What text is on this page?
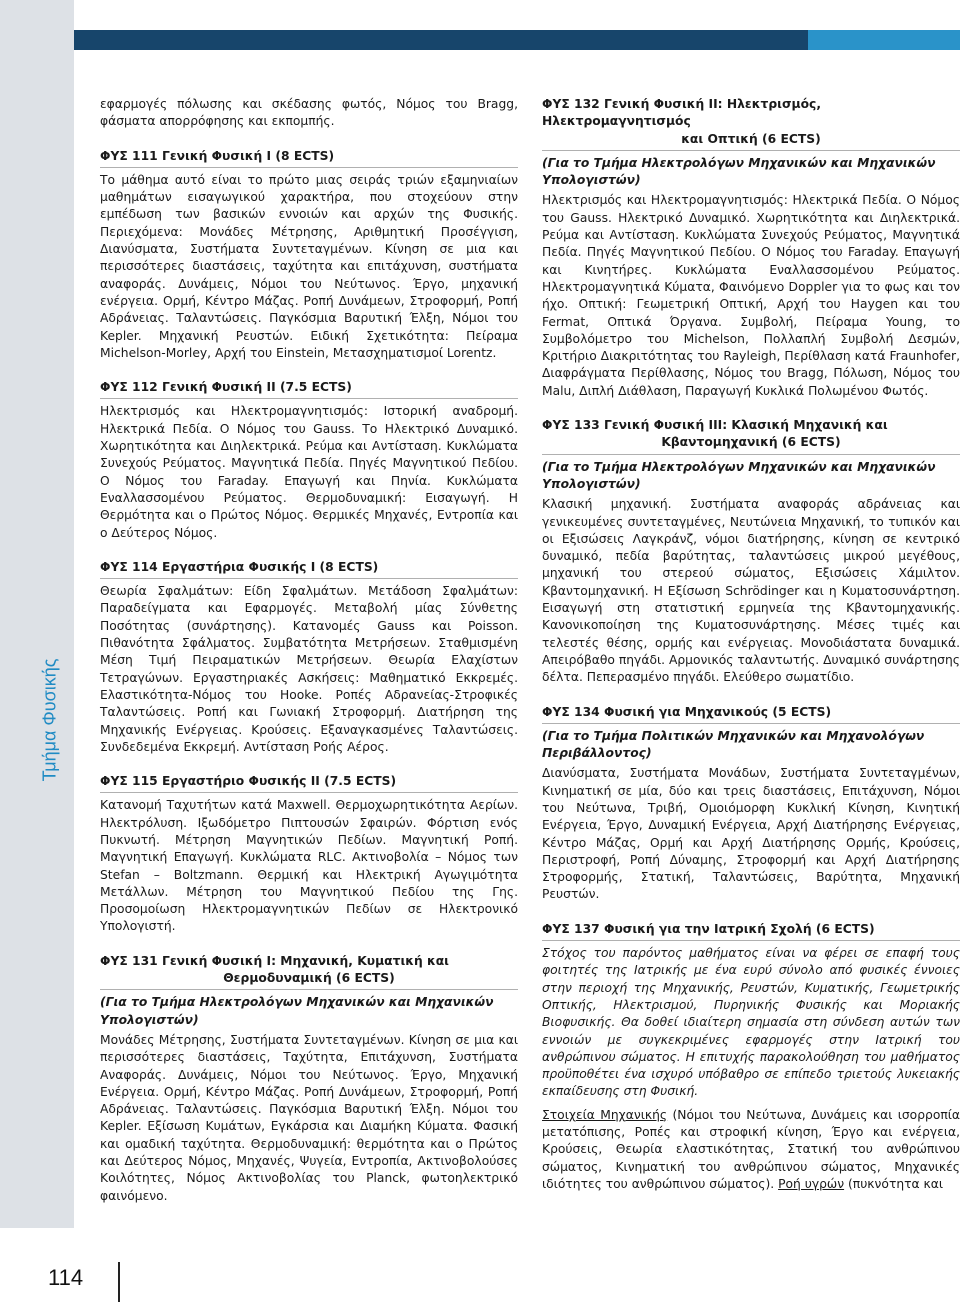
Τμήμα Φυσικής

εφαρμογές πόλωσης και σκέδασης φωτός, Νόμος του Bragg, φάσματα απορρόφησης και εκπομπής.

ΦΥΣ 111 Γενική Φυσική Ι (8 ECTS)

Το μάθημα αυτό είναι το πρώτο μιας σειράς τριών εξαμηνιαίων μαθημάτων εισαγωγικού χαρακτήρα, που στοχεύουν στην εμπέδωση των βασικών εννοιών και αρχών της Φυσικής. Περιεχόμενα: Μονάδες Μέτρησης, Αριθμητική Προσέγγιση, Διανύσματα, Συστήματα Συντεταγμένων. Κίνηση σε μια και περισσότερες διαστάσεις, ταχύτητα και επιτάχυνση, συστήματα αναφοράς. Δυνάμεις, Νόμοι του Νεύτωνος. Έργο, μηχανική ενέργεια. Ορμή, Κέντρο Μάζας. Ροπή Δυνάμεων, Στροφορμή, Ροπή Αδράνειας. Ταλαντώσεις. Παγκόσμια Βαρυτική Έλξη, Νόμοι του Kepler. Μηχανική Ρευστών. Ειδική Σχετικότητα: Πείραμα Michelson-Morley, Αρχή του Einstein, Μετασχηματισμοί Lorentz.

ΦΥΣ 112 Γενική Φυσική ΙΙ (7.5 ECTS)

Ηλεκτρισμός και Ηλεκτρομαγνητισμός: Ιστορική αναδρομή. Ηλεκτρικά Πεδία. Ο Νόμος του Gauss. Το Ηλεκτρικό Δυναμικό. Χωρητικότητα και Διηλεκτρικά. Ρεύμα και Αντίσταση. Κυκλώματα Συνεχούς Ρεύματος. Μαγνητικά Πεδία. Πηγές Μαγνητικού Πεδίου. Ο Νόμος του Faraday. Επαγωγή και Πηνία. Κυκλώματα Εναλλασσομένου Ρεύματος. Θερμοδυναμική: Εισαγωγή. Η Θερμότητα και ο Πρώτος Νόμος. Θερμικές Μηχανές, Εντροπία και ο Δεύτερος Νόμος.

ΦΥΣ 114 Εργαστήρια Φυσικής Ι (8 ECTS)

Θεωρία Σφαλμάτων: Είδη Σφαλμάτων. Μετάδοση Σφαλμάτων: Παραδείγματα και Εφαρμογές. Μεταβολή μίας Σύνθετης Ποσότητας (συνάρτησης). Κατανομές Gauss και Poisson. Πιθανότητα Σφάλματος. Συμβατότητα Μετρήσεων. Σταθμισμένη Μέση Τιμή Πειραματικών Μετρήσεων. Θεωρία Ελαχίστων Τετραγώνων. Εργαστηριακές Ασκήσεις: Μαθηματικό Εκκρεμές. Ελαστικότητα-Νόμος του Hooke. Ροπές Αδρανείας-Στροφικές Ταλαντώσεις. Ροπή και Γωνιακή Στροφορμή. Διατήρηση της Μηχανικής Ενέργειας. Κρούσεις. Εξαναγκασμένες Ταλαντώσεις. Συνδεδεμένα Εκκρεμή. Αντίσταση Ροής Αέρος.

ΦΥΣ 115 Εργαστήριο Φυσικής ΙΙ (7.5 ECTS)

Κατανομή Ταχυτήτων κατά Maxwell. Θερμοχωρητικότητα Αερίων. Ηλεκτρόλυση. Ιξωδόμετρο Πιπτουσών Σφαιρών. Φόρτιση ενός Πυκνωτή. Μέτρηση Μαγνητικών Πεδίων. Μαγνητική Ροπή. Μαγνητική Επαγωγή. Κυκλώματα RLC. Ακτινοβολία – Νόμος των Stefan – Boltzmann. Θερμική και Ηλεκτρική Αγωγιμότητα Μετάλλων. Μέτρηση του Μαγνητικού Πεδίου της Γης. Προσομοίωση Ηλεκτρομαγνητικών Πεδίων σε Ηλεκτρονικό Υπολογιστή.

ΦΥΣ 131 Γενική Φυσική Ι: Μηχανική, Κυματική και
Θερμοδυναμική (6 ECTS)

(Για το Τμήμα Ηλεκτρολόγων Μηχανικών και Μηχανικών Υπολογιστών)

Μονάδες Μέτρησης, Συστήματα Συντεταγμένων. Κίνηση σε μια και περισσότερες διαστάσεις, Ταχύτητα, Επιτάχυνση, Συστήματα Αναφοράς. Δυνάμεις, Νόμοι του Νεύτωνος. Έργο, Μηχανική Ενέργεια. Ορμή, Κέντρο Μάζας. Ροπή Δυνάμεων, Στροφορμή, Ροπή Αδράνειας. Ταλαντώσεις. Παγκόσμια Βαρυτική Έλξη. Νόμοι του Kepler. Εξίσωση Κυμάτων, Εγκάρσια και Διαμήκη Κύματα. Φασική και ομαδική ταχύτητα. Θερμοδυναμική: θερμότητα και ο Πρώτος και Δεύτερος Νόμος, Μηχανές, Ψυγεία, Εντροπία, Ακτινοβολούσες Κοιλότητες, Νόμος Ακτινοβολίας του Planck, φωτοηλεκτρικό φαινόμενο.

ΦΥΣ 132 Γενική Φυσική ΙΙ: Ηλεκτρισμός, Ηλεκτρομαγνητισμός
και Οπτική (6 ECTS)

(Για το Τμήμα Ηλεκτρολόγων Μηχανικών και Μηχανικών Υπολογιστών)

Ηλεκτρισμός και Ηλεκτρομαγνητισμός: Ηλεκτρικά Πεδία. Ο Νόμος του Gauss. Ηλεκτρικό Δυναμικό. Χωρητικότητα και Διηλεκτρικά. Ρεύμα και Αντίσταση. Κυκλώματα Συνεχούς Ρεύματος, Μαγνητικά Πεδία. Πηγές Μαγνητικού Πεδίου. Ο Νόμος του Faraday. Επαγωγή και Κινητήρες. Κυκλώματα Εναλλασσομένου Ρεύματος. Ηλεκτρομαγνητικά Κύματα, Φαινόμενο Doppler για το φως και τον ήχο. Οπτική: Γεωμετρική Οπτική, Αρχή του Haygen και του Fermat, Οπτικά Όργανα. Συμβολή, Πείραμα Young, το Συμβολόμετρο του Michelson, Πολλαπλή Συμβολή Δεσμών, Κριτήριο Διακριτότητας του Rayleigh, Περίθλαση κατά Fraunhofer, Διαφράγματα Περίθλασης, Νόμος του Bragg, Πόλωση, Νόμος του Malu, Διπλή Διάθλαση, Παραγωγή Κυκλικά Πολωμένου Φωτός.

ΦΥΣ 133 Γενική Φυσική ΙΙΙ: Κλασική Μηχανική και
Κβαντομηχανική (6 ECTS)

(Για το Τμήμα Ηλεκτρολόγων Μηχανικών και Μηχανικών Υπολογιστών)

Κλασική μηχανική. Συστήματα αναφοράς αδράνειας και γενικευμένες συντεταγμένες, Νευτώνεια Μηχανική, το τυπικόν και οι Εξισώσεις Λαγκράνζ, νόμοι διατήρησης, κίνηση σε κεντρικό δυναμικό, πεδία βαρύτητας, ταλαντώσεις μικρού μεγέθους, μηχανική του στερεού σώματος, Εξισώσεις Χάμιλτον. Κβαντομηχανική. Η Εξίσωση Schrödinger και η Κυματοσυνάρτηση. Εισαγωγή στη στατιστική ερμηνεία της Κβαντομηχανικής. Κανονικοποίηση της Κυματοσυνάρτησης. Μέσες τιμές και τελεστές θέσης, ορμής και ενέργειας. Μονοδιάστατα δυναμικά. Απειρόβαθο πηγάδι. Αρμονικός ταλαντωτής. Δυναμικό συνάρτησης δέλτα. Πεπερασμένο πηγάδι. Ελεύθερο σωματίδιο.

ΦΥΣ 134 Φυσική για Μηχανικούς (5 ECTS)

(Για το Τμήμα Πολιτικών Μηχανικών και Μηχανολόγων Περιβάλλοντος)

Διανύσματα, Συστήματα Μονάδων, Συστήματα Συντεταγμένων, Κινηματική σε μία, δύο και τρεις διαστάσεις, Επιτάχυνση, Νόμοι του Νεύτωνα, Τριβή, Ομοιόμορφη Κυκλική Κίνηση, Κινητική Ενέργεια, Έργο, Δυναμική Ενέργεια, Αρχή Διατήρησης Ενέργειας, Κέντρο Μάζας, Ορμή και Αρχή Διατήρησης Ορμής, Κρούσεις, Περιστροφή, Ροπή Δύναμης, Στροφορμή και Αρχή Διατήρησης Στροφορμής, Στατική, Ταλαντώσεις, Βαρύτητα, Μηχανική Ρευστών.

ΦΥΣ 137 Φυσική για την Ιατρική Σχολή (6 ECTS)

Στόχος του παρόντος μαθήματος είναι να φέρει σε επαφή τους φοιτητές της Ιατρικής με ένα ευρύ σύνολο από φυσικές έννοιες στην περιοχή της Μηχανικής, Ρευστών, Κυματικής, Γεωμετρικής Οπτικής, Ηλεκτρισμού, Πυρηνικής Φυσικής και Μοριακής Βιοφυσικής. Θα δοθεί ιδιαίτερη σημασία στη σύνδεση αυτών των εννοιών με συγκεκριμένες εφαρμογές στην Ιατρική του ανθρώπινου σώματος. Η επιτυχής παρακολούθηση του μαθήματος προϋποθέτει ένα ισχυρό υπόβαθρο σε επίπεδο τριετούς λυκειακής εκπαίδευσης στη Φυσική.

Στοιχεία Μηχανικής (Νόμοι του Νεύτωνα, Δυνάμεις και ισορροπία μετατόπισης, Ροπές και στροφική κίνηση, Έργο και ενέργεια, Κρούσεις, Θεωρία ελαστικότητας, Στατική του ανθρώπινου σώματος, Κινηματική του ανθρώπινου σώματος, Μηχανικές ιδιότητες του ανθρώπινου σώματος). Ροή υγρών (πυκνότητα και

114
